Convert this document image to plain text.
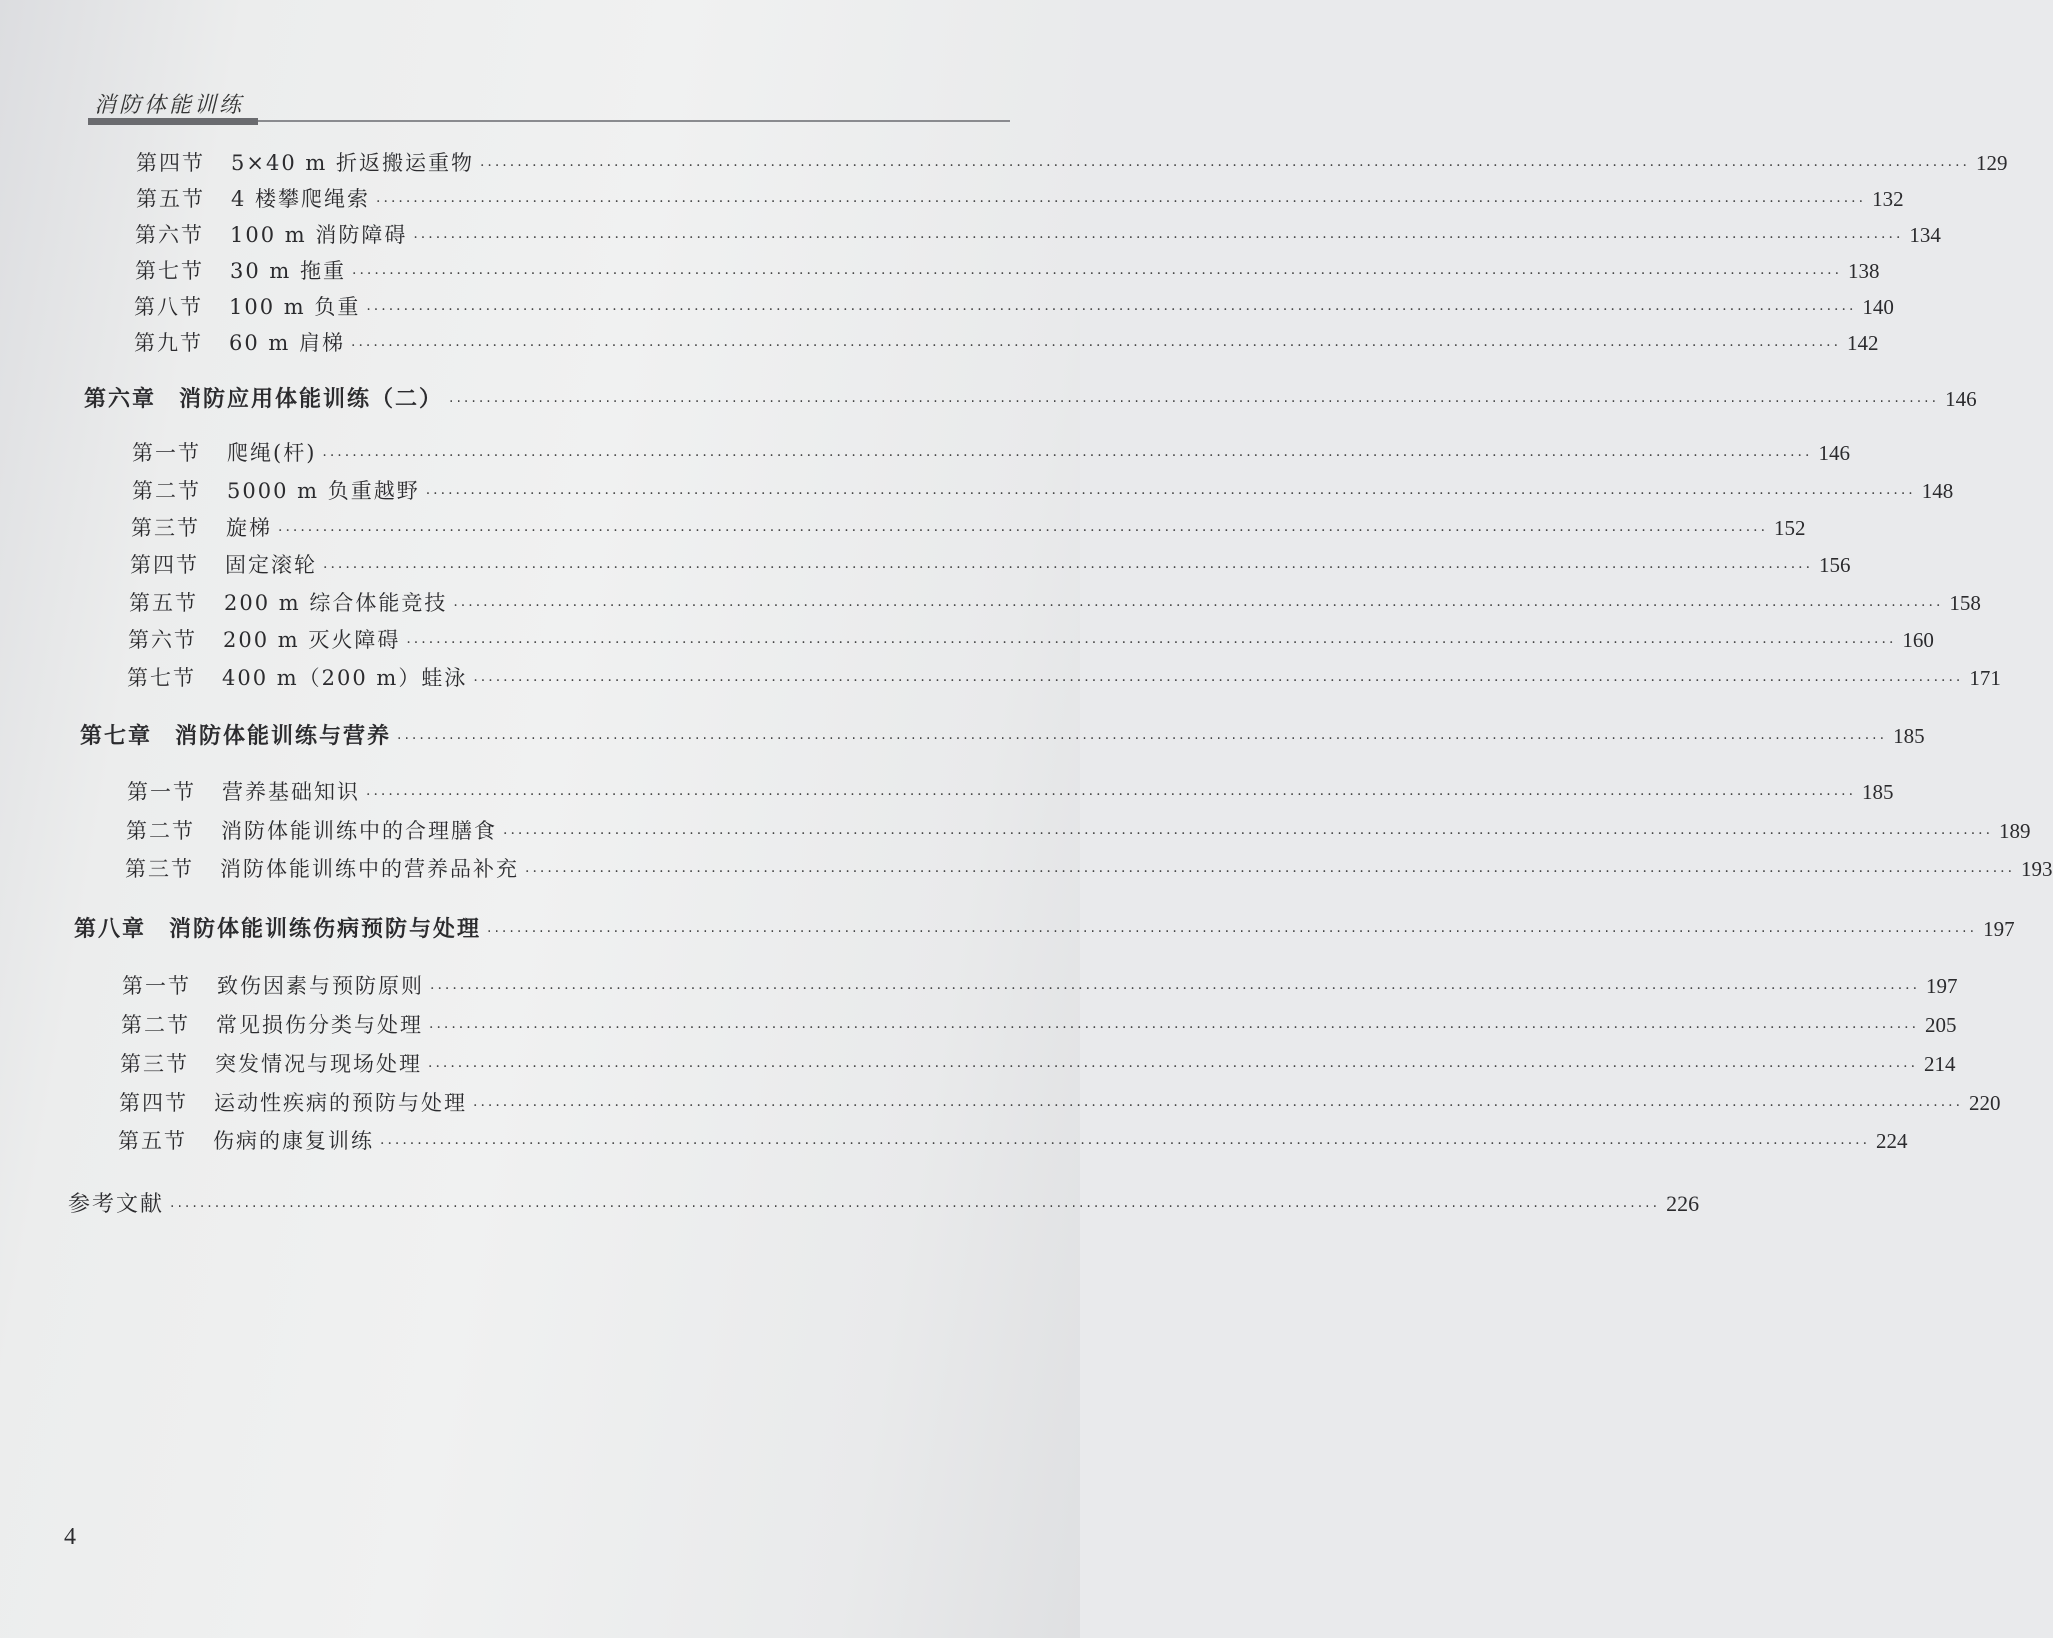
消防体能训练
第四节	5×40 m 折返搬运重物 ········································································································································································································ 129
第五节	4 楼攀爬绳索 ········································································································································································································ 132
第六节	100 m 消防障碍 ········································································································································································································ 134
第七节	30 m 拖重 ········································································································································································································ 138
第八节	100 m 负重 ········································································································································································································ 140
第九节	60 m 肩梯 ········································································································································································································ 142
第六章	消防应用体能训练（二） ········································································································································································································ 146
第一节	爬绳(杆) ········································································································································································································ 146
第二节	5000 m 负重越野 ········································································································································································································ 148
第三节	旋梯 ········································································································································································································ 152
第四节	固定滚轮 ········································································································································································································ 156
第五节	200 m 综合体能竞技 ········································································································································································································ 158
第六节	200 m 灭火障碍 ········································································································································································································ 160
第七节	400 m（200 m）蛙泳 ········································································································································································································ 171
第七章	消防体能训练与营养 ········································································································································································································ 185
第一节	营养基础知识 ········································································································································································································ 185
第二节	消防体能训练中的合理膳食 ········································································································································································································ 189
第三节	消防体能训练中的营养品补充 ········································································································································································································ 193
第八章	消防体能训练伤病预防与处理 ········································································································································································································ 197
第一节	致伤因素与预防原则 ········································································································································································································ 197
第二节	常见损伤分类与处理 ········································································································································································································ 205
第三节	突发情况与现场处理 ········································································································································································································ 214
第四节	运动性疾病的预防与处理 ········································································································································································································ 220
第五节	伤病的康复训练 ········································································································································································································ 224
参考文献 ········································································································································································································ 226
4
